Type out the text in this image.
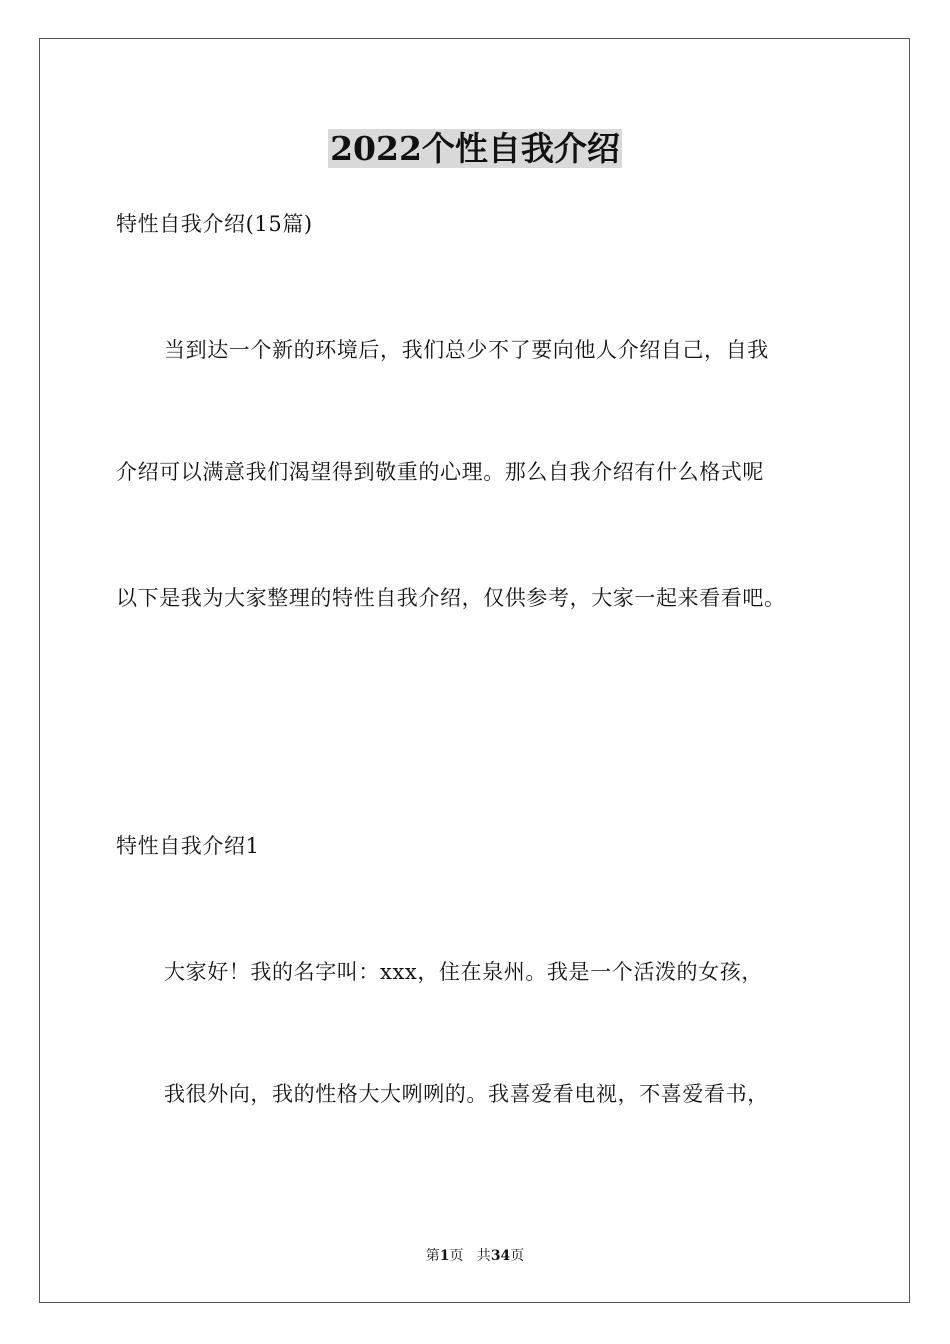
2022个性自我介绍

特性自我介绍(15篇)

当到达一个新的环境后，我们总少不了要向他人介绍自己，自我

介绍可以满意我们渴望得到敬重的心理。那么自我介绍有什么格式呢

以下是我为大家整理的特性自我介绍，仅供参考，大家一起来看看吧。

特性自我介绍1

大家好！我的名字叫：xxx，住在泉州。我是一个活泼的女孩，

我很外向，我的性格大大咧咧的。我喜爱看电视，不喜爱看书，

第1页   共34页
